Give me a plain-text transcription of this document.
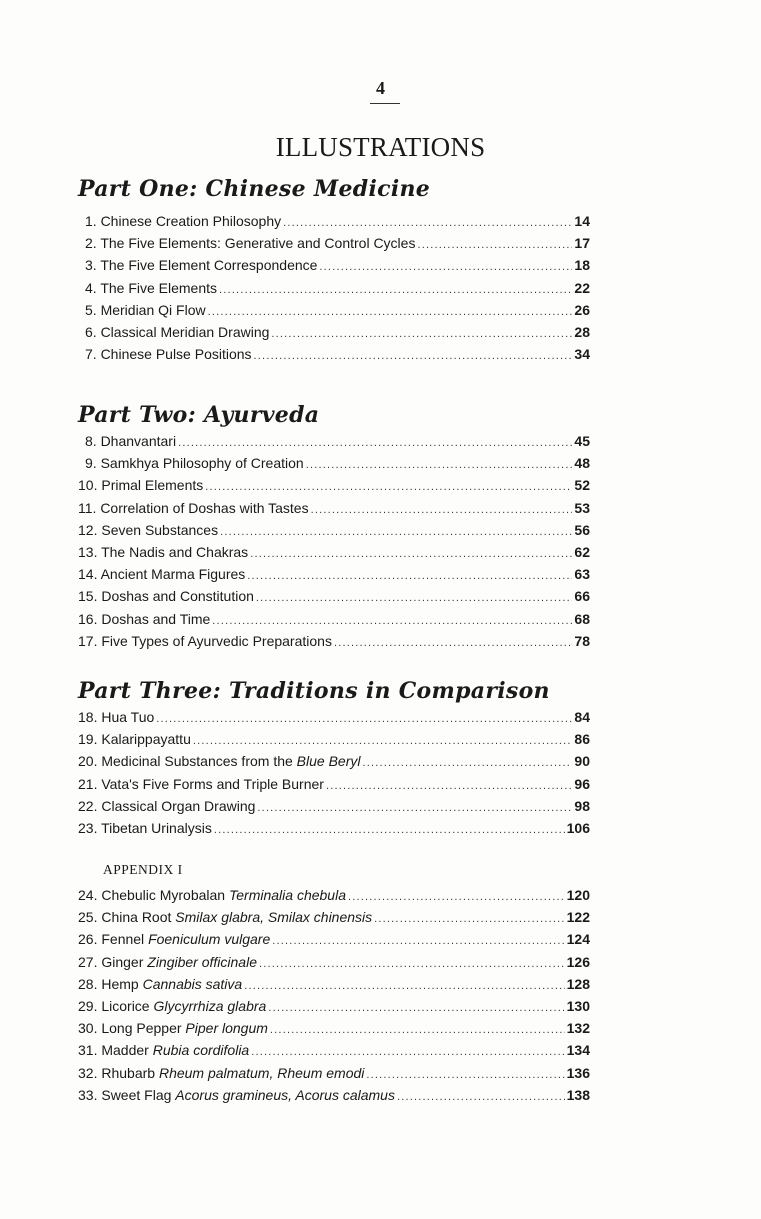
4
ILLUSTRATIONS
Part One: Chinese Medicine
1. Chinese Creation Philosophy .....	14
2. The Five Elements: Generative and Control Cycles .....	17
3. The Five Element Correspondence .....	18
4. The Five Elements .....	22
5. Meridian Qi Flow .....	26
6. Classical Meridian Drawing .....	28
7. Chinese Pulse Positions .....	34
Part Two: Ayurveda
8. Dhanvantari .....	45
9. Samkhya Philosophy of Creation .....	48
10. Primal Elements .....	52
11. Correlation of Doshas with Tastes .....	53
12. Seven Substances .....	56
13. The Nadis and Chakras .....	62
14. Ancient Marma Figures .....	63
15. Doshas and Constitution .....	66
16. Doshas and Time .....	68
17. Five Types of Ayurvedic Preparations .....	78
Part Three: Traditions in Comparison
18. Hua Tuo .....	84
19. Kalarippayattu .....	86
20. Medicinal Substances from the Blue Beryl .....	90
21. Vata's Five Forms and Triple Burner .....	96
22. Classical Organ Drawing .....	98
23. Tibetan Urinalysis .....	106
APPENDIX I
24. Chebulic Myrobalan Terminalia chebula .....	120
25. China Root Smilax glabra, Smilax chinensis .....	122
26. Fennel Foeniculum vulgare .....	124
27. Ginger Zingiber officinale .....	126
28. Hemp Cannabis sativa .....	128
29. Licorice Glycyrrhiza glabra .....	130
30. Long Pepper Piper longum .....	132
31. Madder Rubia cordifolia .....	134
32. Rhubarb Rheum palmatum, Rheum emodi .....	136
33. Sweet Flag Acorus gramineus, Acorus calamus .....	138
